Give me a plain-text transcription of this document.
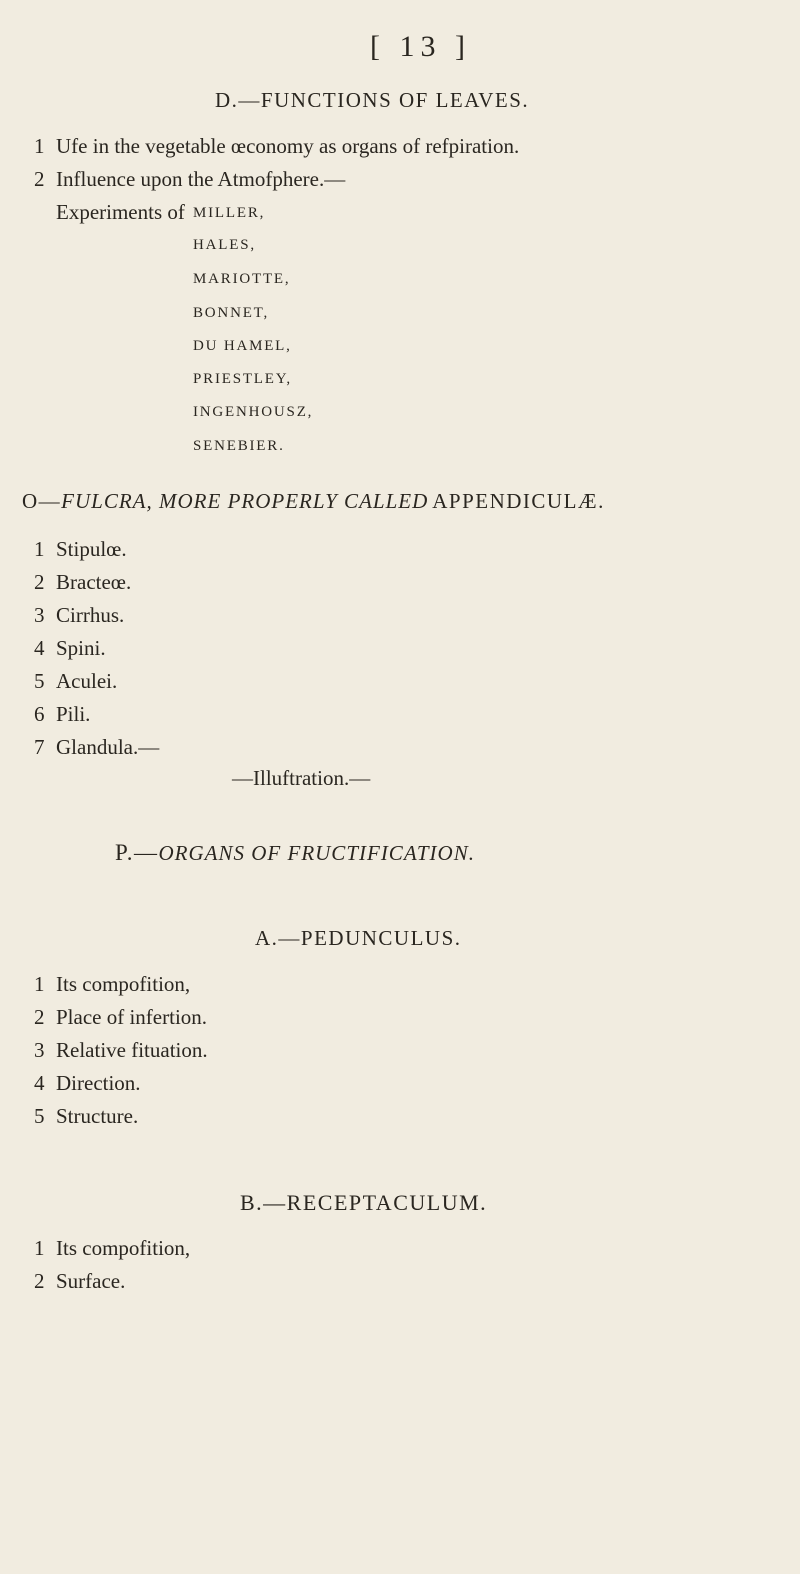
[ 13 ]
D.—FUNCTIONS OF LEAVES.
1 Ufe in the vegetable œconomy as organs of refpiration.
2 Influence upon the Atmofphere.—
Experiments of MILLER,
HALES,
MARIOTTE,
BONNET,
DU HAMEL,
PRIESTLEY,
INGENHOUSZ,
SENEBIER.
O—FULCRA, MORE PROPERLY CALLED APPENDICULÆ.
1 Stipulœ.
2 Bracteœ.
3 Cirrhus.
4 Spini.
5 Aculei.
6 Pili.
7 Glandula.—
—Illuftration.—
P.—ORGANS OF FRUCTIFICATION.
A.—PEDUNCULUS.
1 Its compofition,
2 Place of infertion.
3 Relative fituation.
4 Direction.
5 Structure.
B.—RECEPTACULUM.
1 Its compofition,
2 Surface.
